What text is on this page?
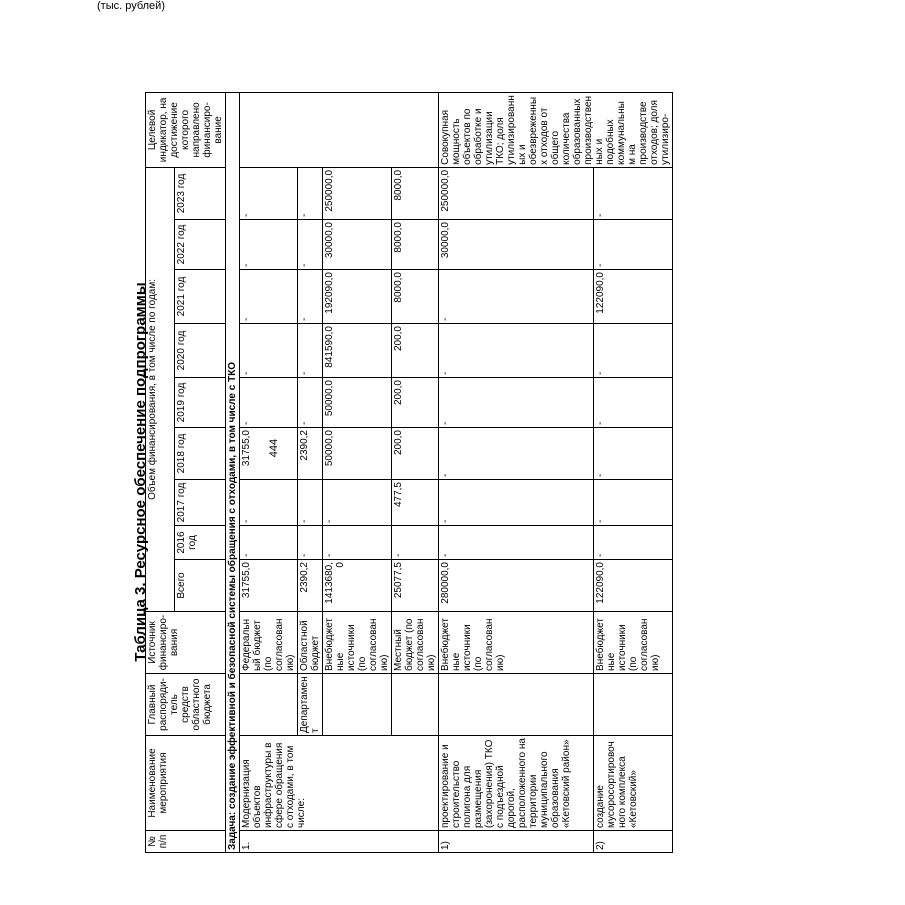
(тыс. рублей)
444
Таблица 3. Ресурсное обеспечение подпрограммы
№ п/п	Наименование мероприятия	Главный распоряди-тель средств областного бюджета	Источник финансиро-вания	Объем финансирования, в том числе по годам:									Целевой индикатор, на достижение которого направлено финансиро-вание
				Всего	2016 год	2017 год	2018 год	2019 год	2020 год	2021 год	2022 год	2023 год	
Задача: создание эффективной и безопасной системы обращения с отходами, в том числе с ТКО													
1.	Модернизация объектов инфраструктуры в сфере обращения с отходами, в том числе:		Федеральный бюджет (по согласованию)	31755,0	-	-	31755,0	-	-	-	-	-	
		Департамент	Областной бюджет	2390,2	-	-	2390,2	-	-	-	-	-	
			Внебюджетные источники (по согласованию)	1413680,0	-	-	50000,0	50000,0	841590,0	192090,0	30000,0	250000,0	
			Местный бюджет (по согласованию)	25077,5	-	477,5	200,0	200,0	200,0	8000,0	8000,0	8000,0	
1)	проектирование и строительство полигона для размещения (захоронения) ТКО с подъездной дорогой, расположенного на территории муниципального образования «Кетовский район»		Внебюджетные источники (по согласованию)	280000,0	-	-	-	-	-	-	30000,0	250000,0	Совокупная мощность объектов по обработке и утилизации ТКО; доля утилизированных и обезвреженных отходов от общего количества образованных производственных и подобных коммунальным на производстве отходов; доля утилизиро-
2)	создание мусоросортировочного комплекса «Кетовский»		Внебюджетные источники (по согласованию)	122090,0	-	-	-	-	-	122090,0	-	-	
